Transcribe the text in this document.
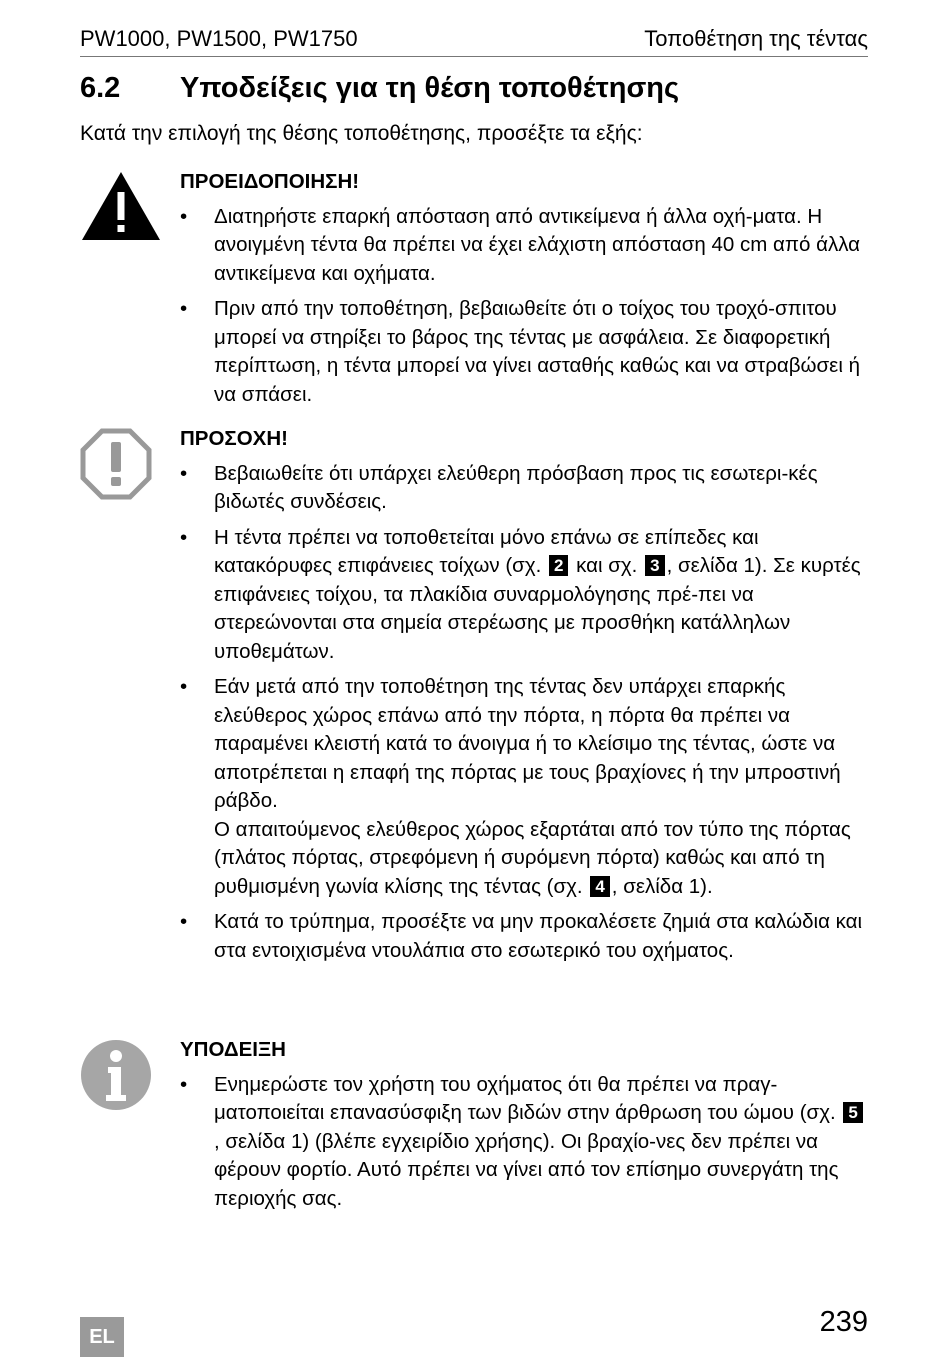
PW1000, PW1500, PW1750	Τοποθέτηση της τέντας
6.2 Υποδείξεις για τη θέση τοποθέτησης
Κατά την επιλογή της θέσης τοποθέτησης, προσέξτε τα εξής:
ΠΡΟΕΙΔΟΠΟΙΗΣΗ!
• Διατηρήστε επαρκή απόσταση από αντικείμενα ή άλλα οχή-ματα. Η ανοιγμένη τέντα θα πρέπει να έχει ελάχιστη απόσταση 40 cm από άλλα αντικείμενα και οχήματα.
• Πριν από την τοποθέτηση, βεβαιωθείτε ότι ο τοίχος του τροχό-σπιτου μπορεί να στηρίξει το βάρος της τέντας με ασφάλεια. Σε διαφορετική περίπτωση, η τέντα μπορεί να γίνει ασταθής καθώς και να στραβώσει ή να σπάσει.
ΠΡΟΣΟΧΗ!
• Βεβαιωθείτε ότι υπάρχει ελεύθερη πρόσβαση προς τις εσωτερι-κές βιδωτές συνδέσεις.
• Η τέντα πρέπει να τοποθετείται μόνο επάνω σε επίπεδες και κατακόρυφες επιφάνειες τοίχων (σχ. 2 και σχ. 3 , σελίδα 1). Σε κυρτές επιφάνειες τοίχου, τα πλακίδια συναρμολόγησης πρέ-πει να στερεώνονται στα σημεία στερέωσης με προσθήκη κατάλληλων υποθεμάτων.
• Εάν μετά από την τοποθέτηση της τέντας δεν υπάρχει επαρκής ελεύθερος χώρος επάνω από την πόρτα, η πόρτα θα πρέπει να παραμένει κλειστή κατά το άνοιγμα ή το κλείσιμο της τέντας, ώστε να αποτρέπεται η επαφή της πόρτας με τους βραχίονες ή την μπροστινή ράβδο.
Ο απαιτούμενος ελεύθερος χώρος εξαρτάται από τον τύπο της πόρτας (πλάτος πόρτας, στρεφόμενη ή συρόμενη πόρτα) καθώς και από τη ρυθμισμένη γωνία κλίσης της τέντας (σχ. 4 , σελίδα 1).
• Κατά το τρύπημα, προσέξτε να μην προκαλέσετε ζημιά στα καλώδια και στα εντοιχισμένα ντουλάπια στο εσωτερικό του οχήματος.
ΥΠΟΔΕΙΞΗ
• Ενημερώστε τον χρήστη του οχήματος ότι θα πρέπει να πραγ-ματοποιείται επανασύσφιξη των βιδών στην άρθρωση του ώμου (σχ. 5, σελίδα 1) (βλέπε εγχειρίδιο χρήσης). Οι βραχίο-νες δεν πρέπει να φέρουν φορτίο. Αυτό πρέπει να γίνει από τον επίσημο συνεργάτη της περιοχής σας.
EL	239
